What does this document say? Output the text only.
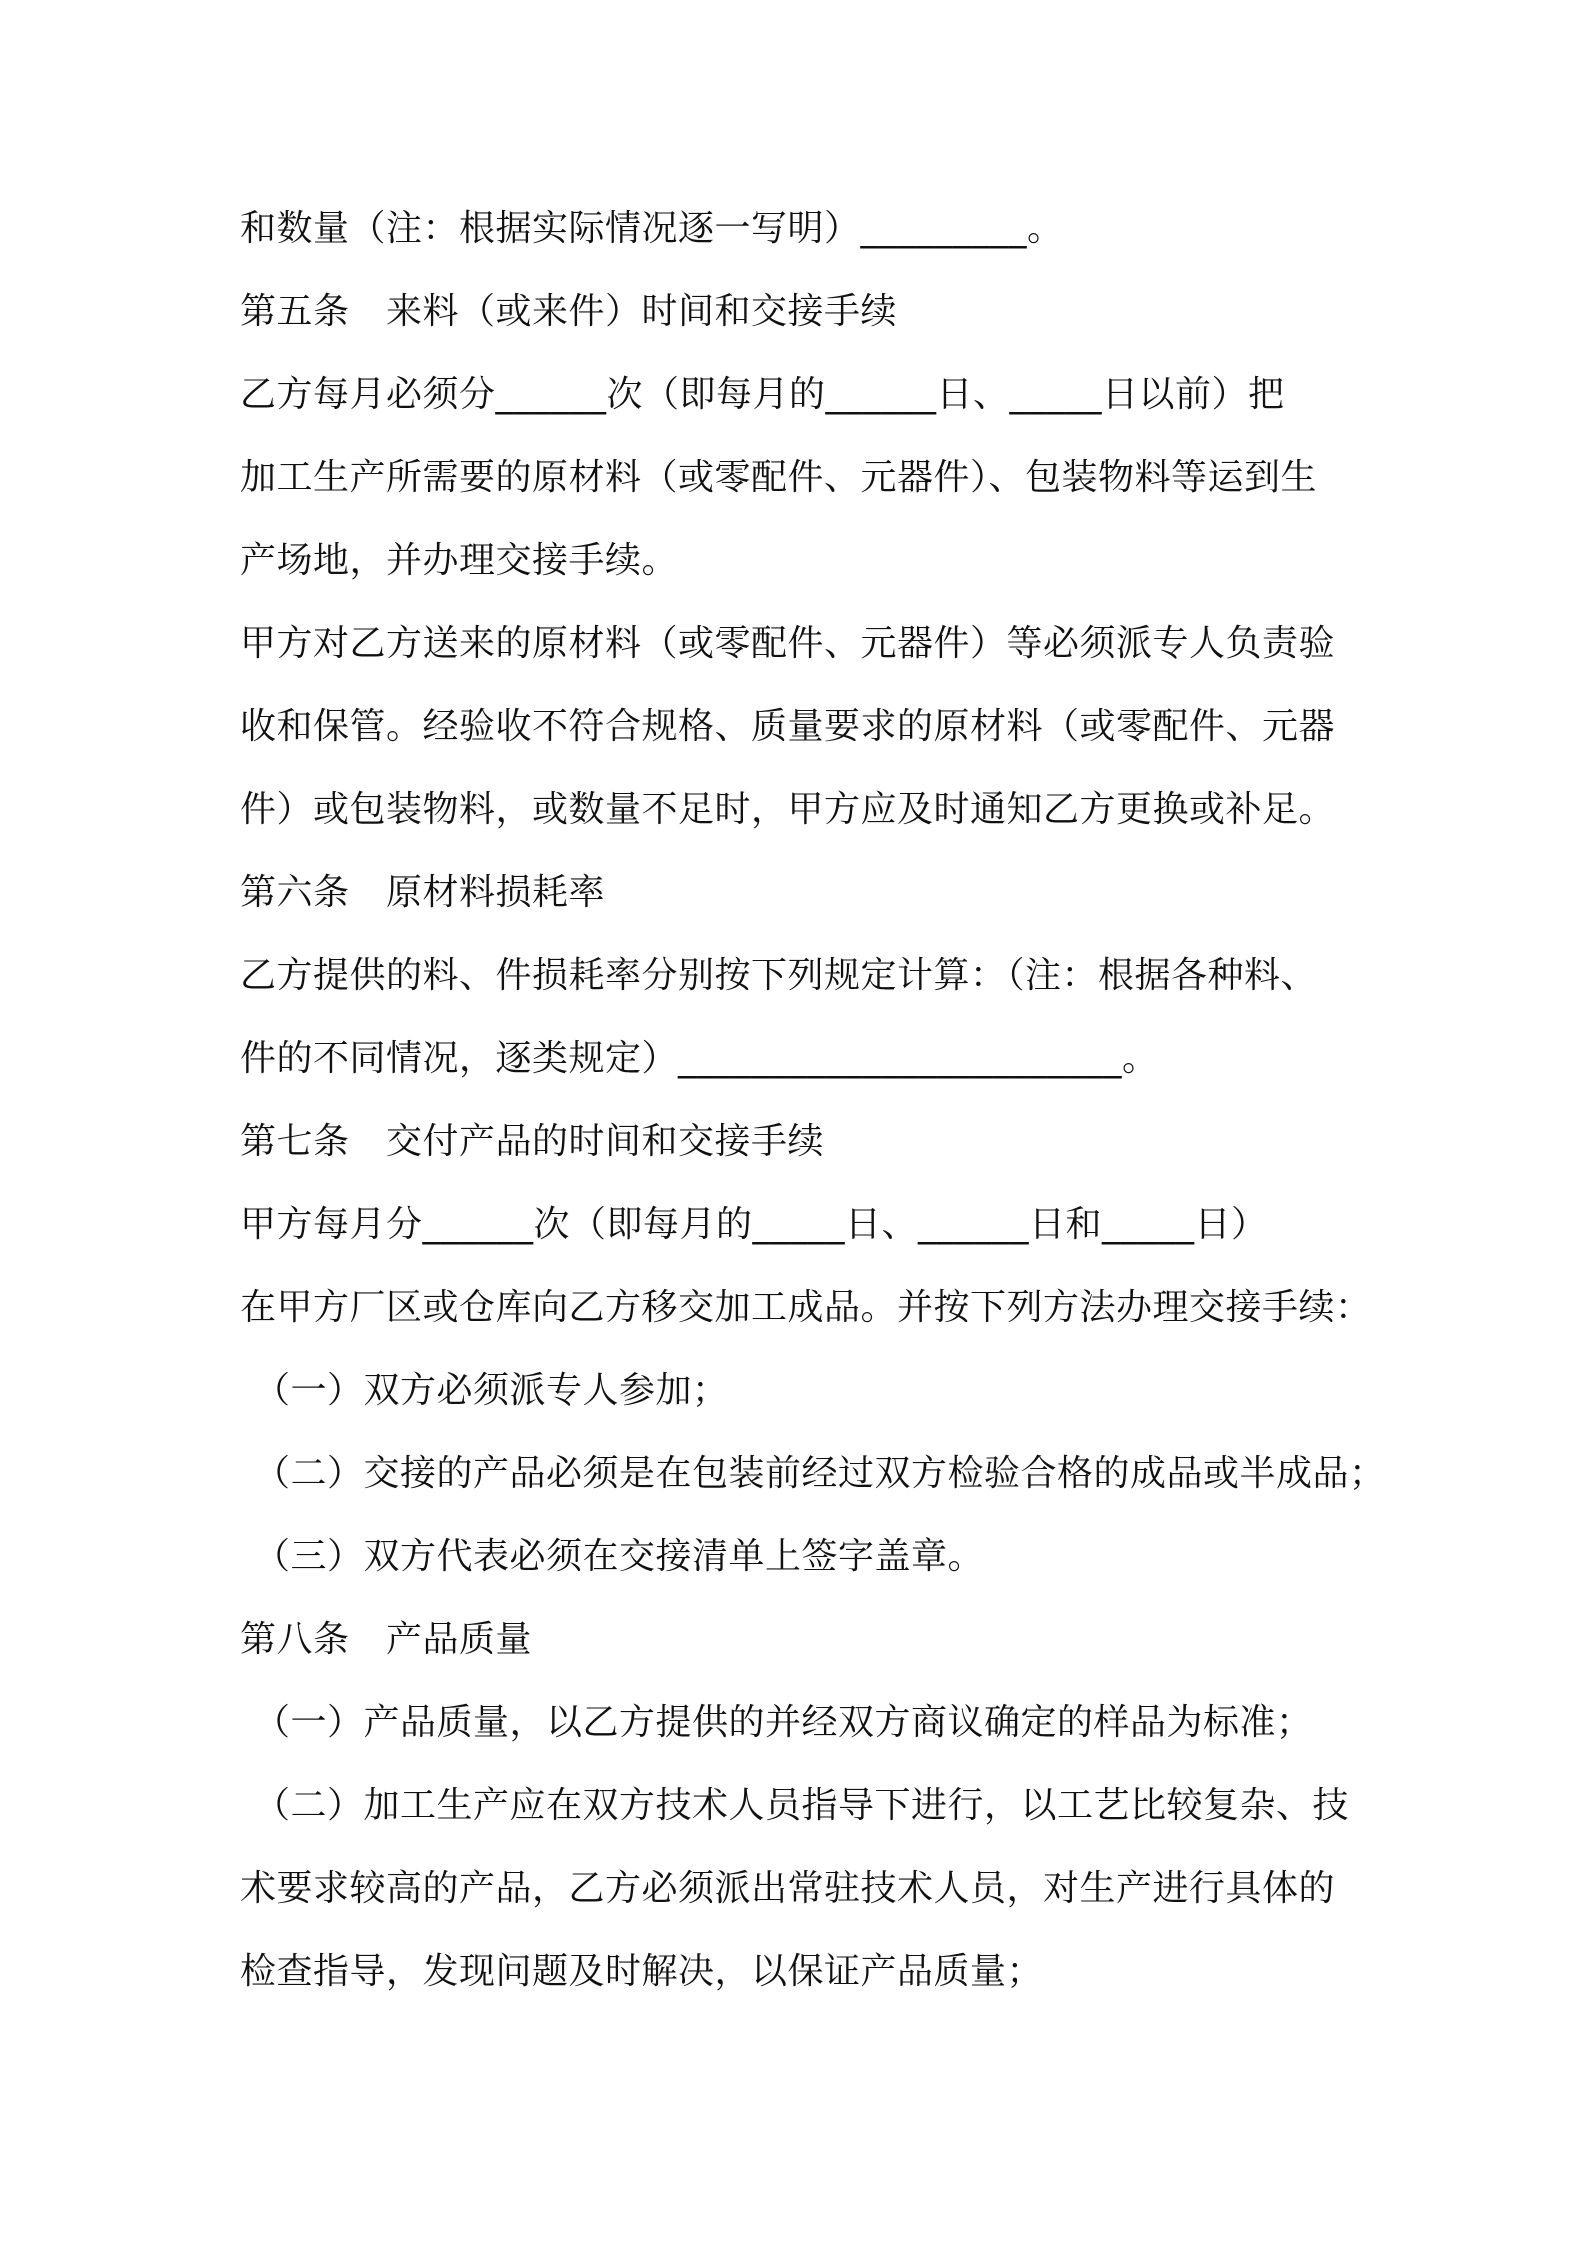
和数量（注：根据实际情况逐一写明）_________。
第五条　来料（或来件）时间和交接手续
乙方每月必须分______次（即每月的______日、_____日以前）把
加工生产所需要的原材料（或零配件、元器件）、包装物料等运到生
产场地，并办理交接手续。
甲方对乙方送来的原材料（或零配件、元器件）等必须派专人负责验
收和保管。经验收不符合规格、质量要求的原材料（或零配件、元器
件）或包装物料，或数量不足时，甲方应及时通知乙方更换或补足。
第六条　原材料损耗率
乙方提供的料、件损耗率分别按下列规定计算：（注：根据各种料、
件的不同情况，逐类规定）________________________。
第七条　交付产品的时间和交接手续
甲方每月分______次（即每月的_____日、______日和_____日）
在甲方厂区或仓库向乙方移交加工成品。并按下列方法办理交接手续：
（一）双方必须派专人参加；
（二）交接的产品必须是在包装前经过双方检验合格的成品或半成品；
（三）双方代表必须在交接清单上签字盖章。
第八条　产品质量
（一）产品质量，以乙方提供的并经双方商议确定的样品为标准；
（二）加工生产应在双方技术人员指导下进行，以工艺比较复杂、技
术要求较高的产品，乙方必须派出常驻技术人员，对生产进行具体的
检查指导，发现问题及时解决，以保证产品质量；
